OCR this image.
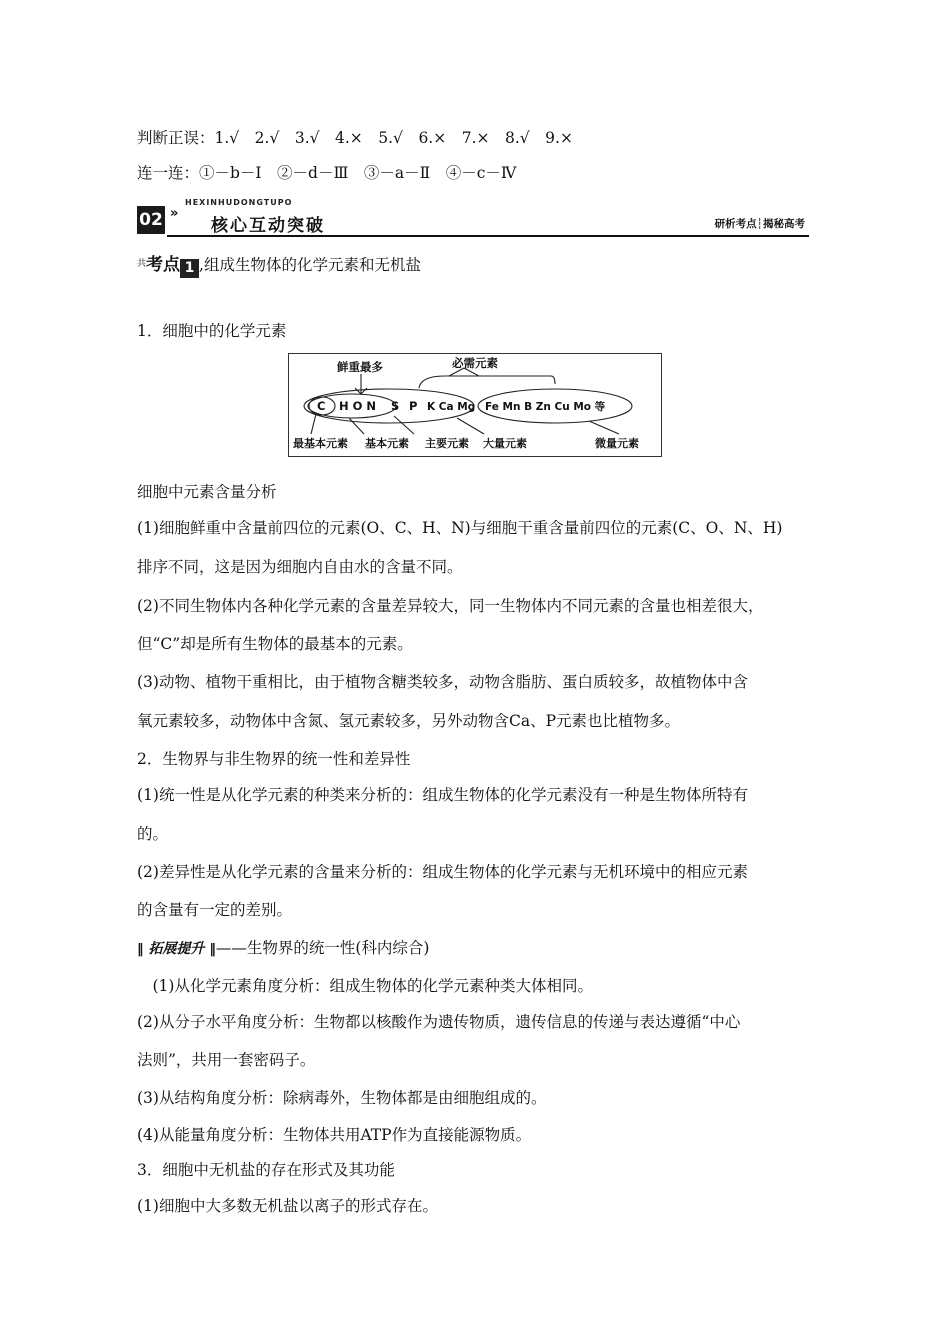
判断正误：1.√　2.√　3.√　4.×　5.√　6.×　7.×　8.√　9.×
连一连：①－b－Ⅰ　②－d－Ⅲ　③－a－Ⅱ　④－c－Ⅳ
HEXINHUDONGTUPO
02 »
核心互动突破	研析考点┆揭秘高考
$^共$考点 1 ,组成生物体的化学元素和无机盐
1．细胞中的化学元素
鲜重最多	必需元素
C H O N S P K Ca Mg Fe Mn B Zn Cu Mo 等
最基本元素 基本元素 主要元素 大量元素	微量元素
细胞中元素含量分析
(1)细胞鲜重中含量前四位的元素(O、C、H、N)与细胞干重含量前四位的元素(C、O、N、H)
排序不同，这是因为细胞内自由水的含量不同。
(2)不同生物体内各种化学元素的含量差异较大，同一生物体内不同元素的含量也相差很大，
但“C”却是所有生物体的最基本的元素。
(3)动物、植物干重相比，由于植物含糖类较多，动物含脂肪、蛋白质较多，故植物体中含
氧元素较多，动物体中含氮、氢元素较多，另外动物含Ca、P元素也比植物多。
2．生物界与非生物界的统一性和差异性
(1)统一性是从化学元素的种类来分析的：组成生物体的化学元素没有一种是生物体所特有
的。
(2)差异性是从化学元素的含量来分析的：组成生物体的化学元素与无机环境中的相应元素
的含量有一定的差别。
‖ 拓展提升 ‖——生物界的统一性(科内综合)
　(1)从化学元素角度分析：组成生物体的化学元素种类大体相同。
(2)从分子水平角度分析：生物都以核酸作为遗传物质，遗传信息的传递与表达遵循“中心
法则”，共用一套密码子。
(3)从结构角度分析：除病毒外，生物体都是由细胞组成的。
(4)从能量角度分析：生物体共用ATP作为直接能源物质。
3．细胞中无机盐的存在形式及其功能
(1)细胞中大多数无机盐以离子的形式存在。
